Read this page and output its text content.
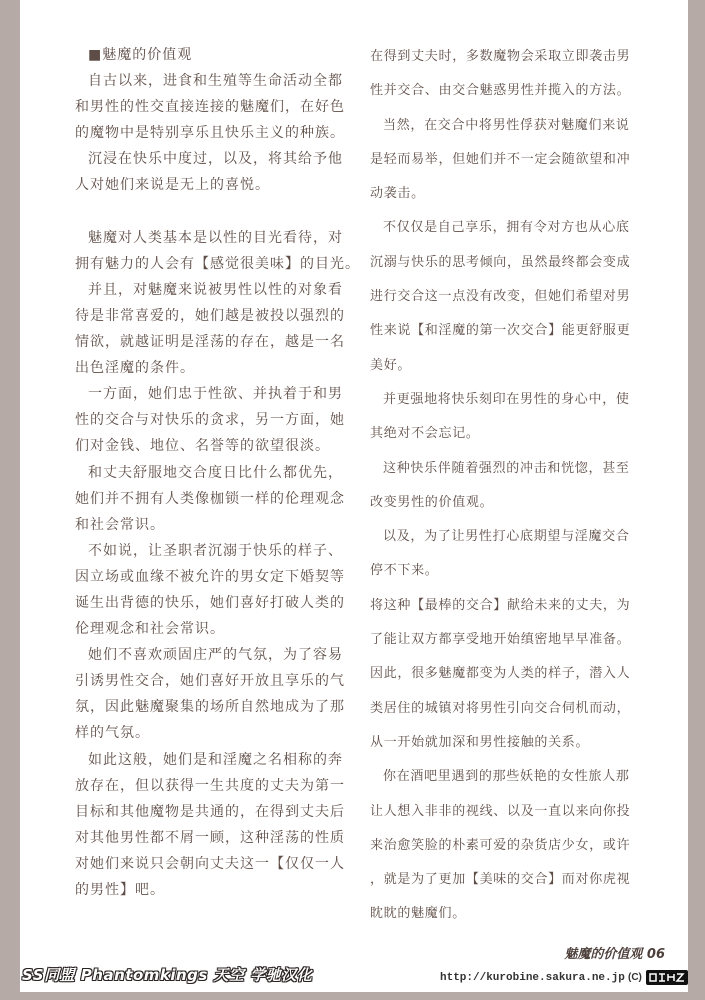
■魅魔的价值观
自古以来，进食和生殖等生命活动全都
和男性的性交直接连接的魅魔们，在好色
的魔物中是特别享乐且快乐主义的种族。
沉浸在快乐中度过，以及，将其给予他
人对她们来说是无上的喜悦。
魅魔对人类基本是以性的目光看待，对
拥有魅力的人会有【感觉很美味】的目光。
并且，对魅魔来说被男性以性的对象看
待是非常喜爱的，她们越是被投以强烈的
情欲，就越证明是淫荡的存在，越是一名
出色淫魔的条件。
一方面，她们忠于性欲、并执着于和男
性的交合与对快乐的贪求，另一方面，她
们对金钱、地位、名誉等的欲望很淡。
和丈夫舒服地交合度日比什么都优先，
她们并不拥有人类像枷锁一样的伦理观念
和社会常识。
不如说，让圣职者沉溺于快乐的样子、
因立场或血缘不被允许的男女定下婚契等
诞生出背德的快乐，她们喜好打破人类的
伦理观念和社会常识。
她们不喜欢顽固庄严的气氛，为了容易
引诱男性交合，她们喜好开放且享乐的气
氛，因此魅魔聚集的场所自然地成为了那
样的气氛。
如此这般，她们是和淫魔之名相称的奔
放存在，但以获得一生共度的丈夫为第一
目标和其他魔物是共通的，在得到丈夫后
对其他男性都不屑一顾，这种淫荡的性质
对她们来说只会朝向丈夫这一【仅仅一人
的男性】吧。
在得到丈夫时，多数魔物会采取立即袭击男
性并交合、由交合魅惑男性并揽入的方法。
当然，在交合中将男性俘获对魅魔们来说
是轻而易举，但她们并不一定会随欲望和冲
动袭击。
不仅仅是自己享乐，拥有令对方也从心底
沉溺与快乐的思考倾向，虽然最终都会变成
进行交合这一点没有改变，但她们希望对男
性来说【和淫魔的第一次交合】能更舒服更
美好。
并更强地将快乐刻印在男性的身心中，使
其绝对不会忘记。
这种快乐伴随着强烈的冲击和恍惚，甚至
改变男性的价值观。
以及，为了让男性打心底期望与淫魔交合
停不下来。
将这种【最棒的交合】献给未来的丈夫，为
了能让双方都享受地开始缜密地早早准备。
因此，很多魅魔都变为人类的样子，潜入人
类居住的城镇对将男性引向交合伺机而动，
从一开始就加深和男性接触的关系。
你在酒吧里遇到的那些妖艳的女性旅人那
让人想入非非的视线、以及一直以来向你投
来治愈笑脸的朴素可爱的杂货店少女，或许
，就是为了更加【美味的交合】而对你虎视
眈眈的魅魔们。
魅魔的价值观 06
SS同盟 Phantomkings 天空 学驰汉化	http://kurobine.sakura.ne.jp (C)
